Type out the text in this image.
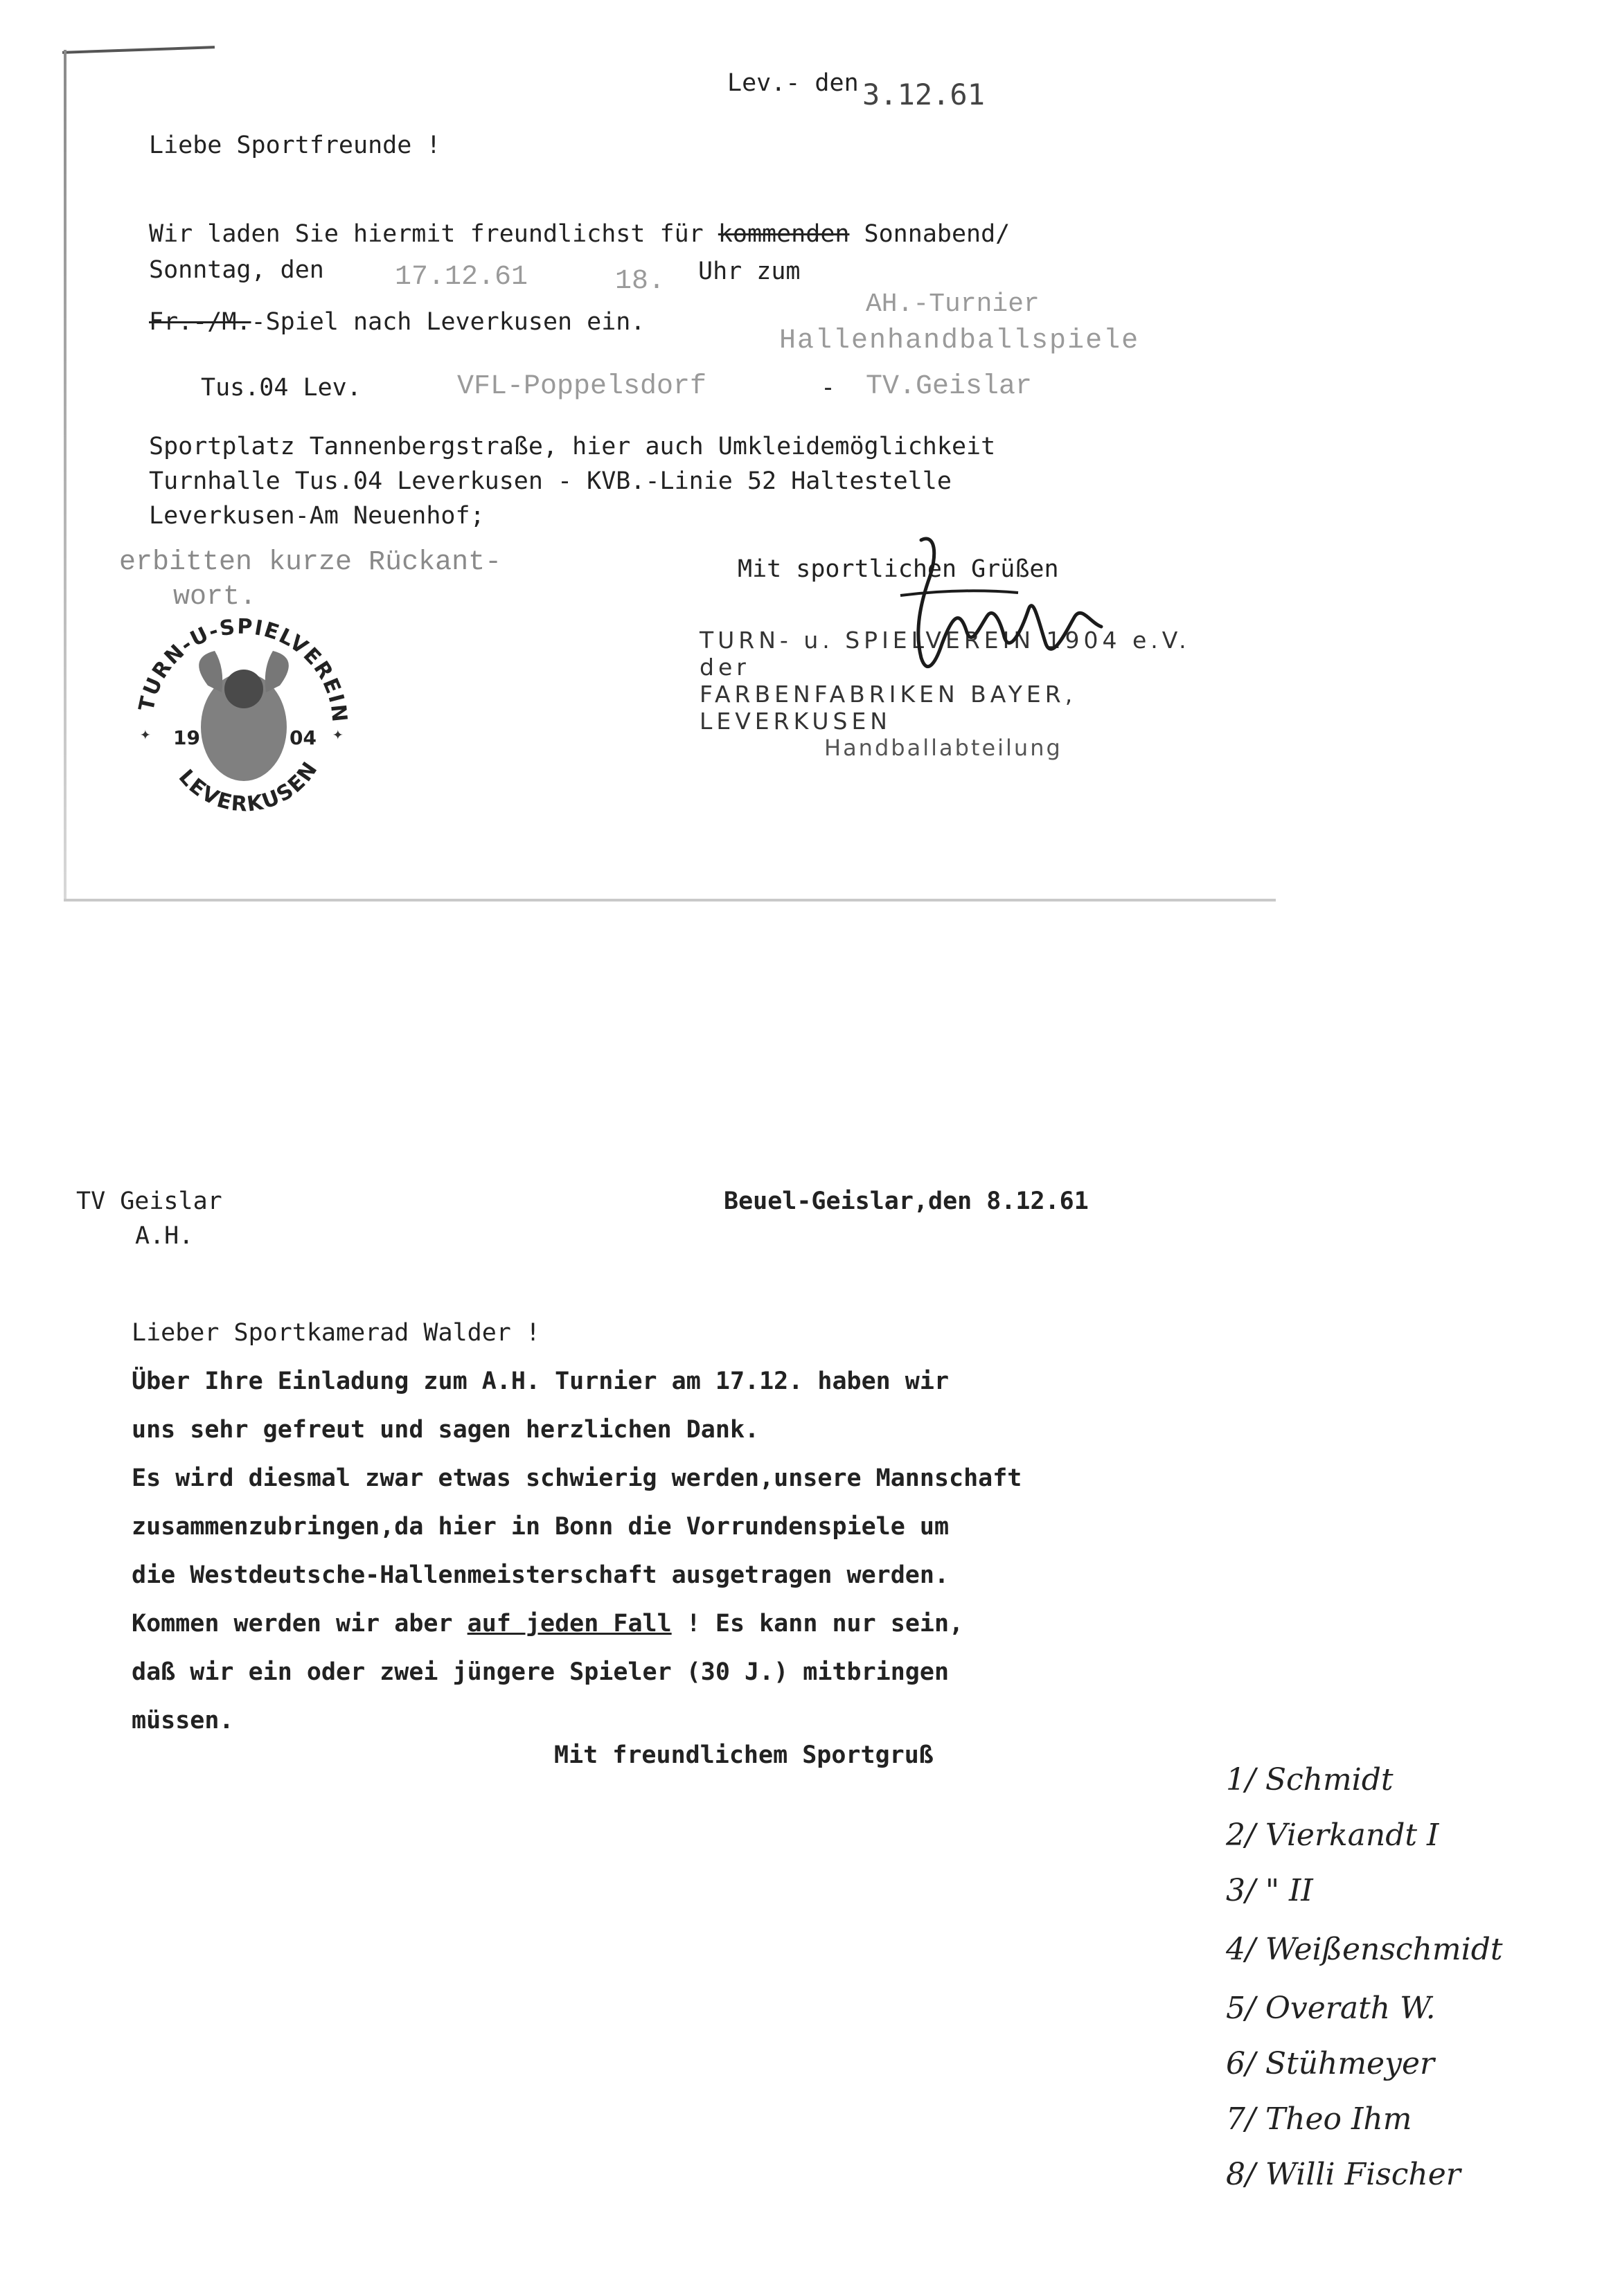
Lev.- den 3.12.61
Liebe Sportfreunde !
Wir laden Sie hiermit freundlichst für kommenden Sonnabend/
Sonntag, den	17.12.61	18. Uhr zum
AH.-Turnier
Hallenhandballspiele
Fr.-/M.-Spiel nach Leverkusen ein.
Tus.04 Lev.	VFL-Poppelsdorf	- TV.Geislar
Sportplatz Tannenbergstraße, hier auch Umkleidemöglichkeit
Turnhalle Tus.04 Leverkusen - KVB.-Linie 52 Haltestelle
Leverkusen-Am Neuenhof;
erbitten kurze Rückant-
wort.
Mit sportlichen Grüßen
TURN-U-SPIELVEREIN
LEVERKUSEN
19	04
✦	✦
TURN- u. SPIELVEREIN 1904 e.V. der
FARBENFABRIKEN BAYER, LEVERKUSEN
Handballabteilung
TV Geislar
A.H.
Beuel-Geislar,den 8.12.61
Lieber Sportkamerad Walder !
Über Ihre Einladung zum A.H. Turnier am 17.12. haben wir
uns sehr gefreut und sagen herzlichen Dank.
Es wird diesmal zwar etwas schwierig werden,unsere Mannschaft
zusammenzubringen,da hier in Bonn die Vorrundenspiele um
die Westdeutsche-Hallenmeisterschaft ausgetragen werden.
Kommen werden wir aber auf jeden Fall ! Es kann nur sein,
daß wir ein oder zwei jüngere Spieler (30 J.) mitbringen
müssen.
Mit freundlichem Sportgruß
1/ Schmidt
2/ Vierkandt I
3/ " II
4/ Weißenschmidt
5/ Overath W.
6/ Stühmeyer
7/ Theo Ihm
8/ Willi Fischer
